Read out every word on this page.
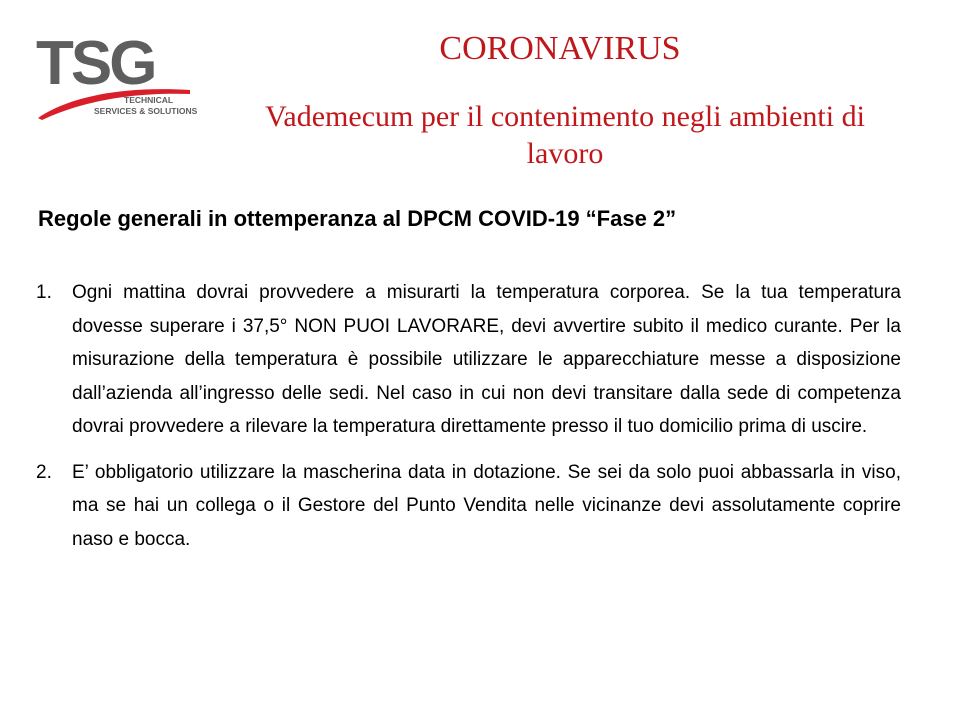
TSG
TECHNICAL
SERVICES & SOLUTIONS
CORONAVIRUS
Vademecum per il contenimento negli ambienti di lavoro
Regole generali in ottemperanza al DPCM COVID-19 “Fase 2”
1. Ogni mattina dovrai provvedere a misurarti la temperatura corporea. Se la tua temperatura dovesse superare i 37,5° NON PUOI LAVORARE, devi avvertire subito il medico curante. Per la misurazione della temperatura è possibile utilizzare le apparecchiature messe a disposizione dall’azienda all’ingresso delle sedi. Nel caso in cui non devi transitare dalla sede di competenza dovrai provvedere a rilevare la temperatura direttamente presso il tuo domicilio prima di uscire.

2. E’ obbligatorio utilizzare la mascherina data in dotazione. Se sei da solo puoi abbassarla in viso, ma se hai un collega o il Gestore del Punto Vendita nelle vicinanze devi assolutamente coprire naso e bocca.
